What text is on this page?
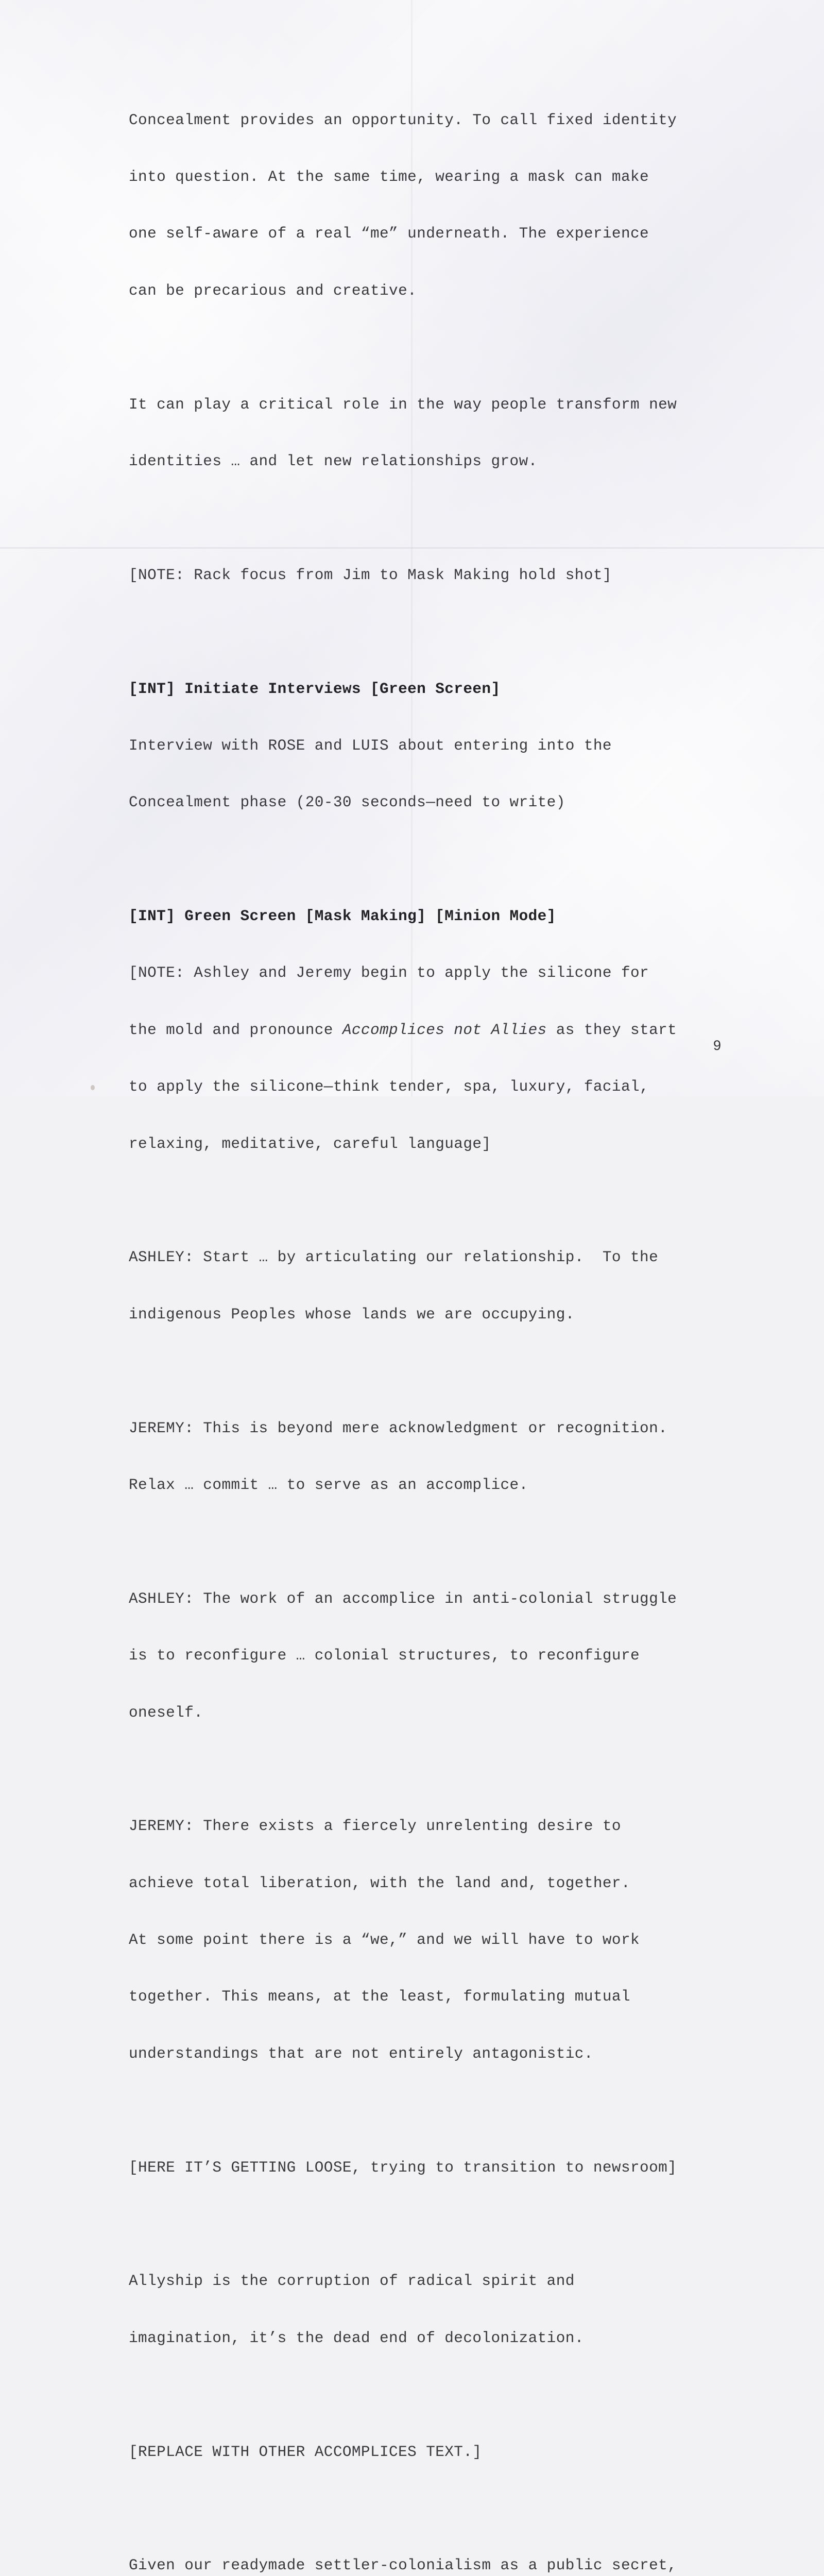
Concealment provides an opportunity. To call fixed identity

into question. At the same time, wearing a mask can make

one self-aware of a real “me” underneath. The experience

can be precarious and creative.

It can play a critical role in the way people transform new

identities … and let new relationships grow.

[NOTE: Rack focus from Jim to Mask Making hold shot]

[INT] Initiate Interviews [Green Screen]

Interview with ROSE and LUIS about entering into the

Concealment phase (20-30 seconds—need to write)

[INT] Green Screen [Mask Making] [Minion Mode]

[NOTE: Ashley and Jeremy begin to apply the silicone for

the mold and pronounce Accomplices not Allies as they start

to apply the silicone—think tender, spa, luxury, facial,

relaxing, meditative, careful language]

ASHLEY: Start … by articulating our relationship.  To the

indigenous Peoples whose lands we are occupying.

JEREMY: This is beyond mere acknowledgment or recognition.

Relax … commit … to serve as an accomplice.

ASHLEY: The work of an accomplice in anti-colonial struggle

is to reconfigure … colonial structures, to reconfigure

oneself.

JEREMY: There exists a fiercely unrelenting desire to

achieve total liberation, with the land and, together.

At some point there is a “we,” and we will have to work

together. This means, at the least, formulating mutual

understandings that are not entirely antagonistic.

[HERE IT’S GETTING LOOSE, trying to transition to newsroom]

Allyship is the corruption of radical spirit and

imagination, it’s the dead end of decolonization.

[REPLACE WITH OTHER ACCOMPLICES TEXT.]

Given our readymade settler-colonialism as a public secret,

9
